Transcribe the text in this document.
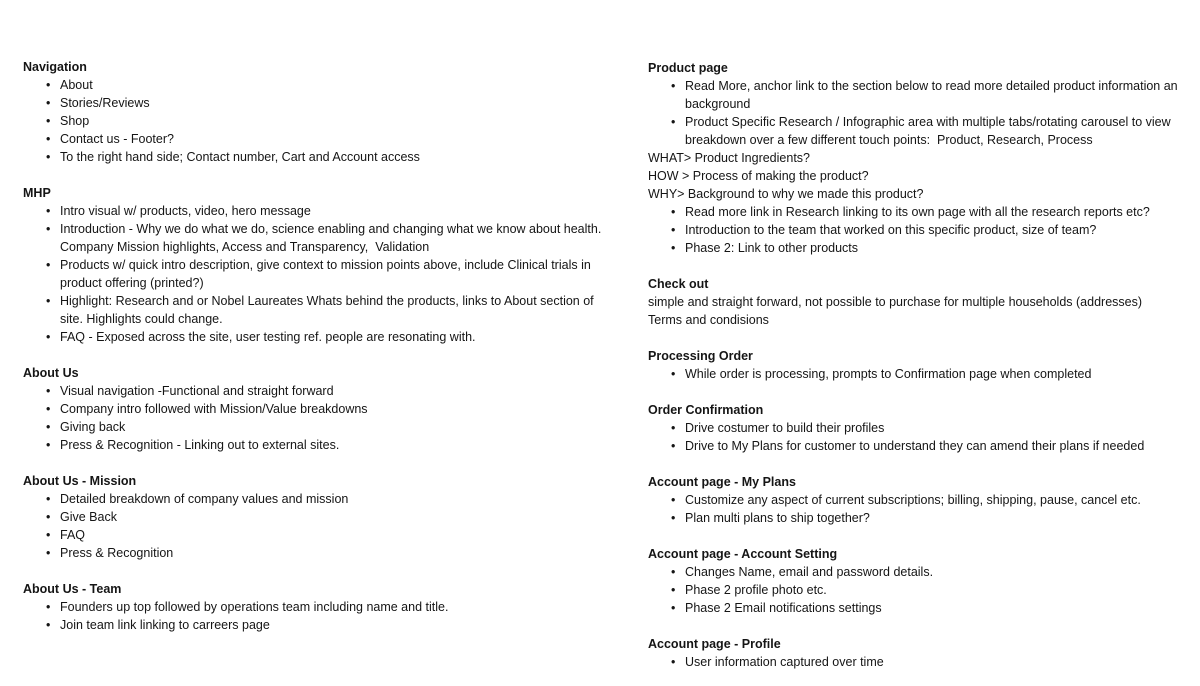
Navigation
• About
• Stories/Reviews
• Shop
• Contact us - Footer?
• To the right hand side; Contact number, Cart and Account access
MHP
• Intro visual w/ products, video, hero message
• Introduction - Why we do what we do, science enabling and changing what we know about health. Company Mission highlights, Access and Transparency,  Validation
• Products w/ quick intro description, give context to mission points above, include Clinical trials in product offering (printed?)
• Highlight: Research and or Nobel Laureates Whats behind the products, links to About section of site. Highlights could change.
• FAQ - Exposed across the site, user testing ref. people are resonating with.
About Us
• Visual navigation -Functional and straight forward
• Company intro followed with Mission/Value breakdowns
• Giving back
• Press & Recognition - Linking out to external sites.
About Us - Mission
• Detailed breakdown of company values and mission
• Give Back
• FAQ
• Press & Recognition
About Us - Team
• Founders up top followed by operations team including name and title.
• Join team link linking to carreers page
Product page
• Read More, anchor link to the section below to read more detailed product information an background
• Product Specific Research / Infographic area with multiple tabs/rotating carousel to view breakdown over a few different touch points:  Product, Research, Process
WHAT> Product Ingredients?
HOW > Process of making the product?
WHY> Background to why we made this product?
• Read more link in Research linking to its own page with all the research reports etc?
• Introduction to the team that worked on this specific product, size of team?
• Phase 2: Link to other products
Check out
simple and straight forward, not possible to purchase for multiple households (addresses)
Terms and condisions
Processing Order
• While order is processing, prompts to Confirmation page when completed
Order Confirmation
• Drive costumer to build their profiles
• Drive to My Plans for customer to understand they can amend their plans if needed
Account page - My Plans
• Customize any aspect of current subscriptions; billing, shipping, pause, cancel etc.
• Plan multi plans to ship together?
Account page - Account Setting
• Changes Name, email and password details.
• Phase 2 profile photo etc.
• Phase 2 Email notifications settings
Account page - Profile
• User information captured over time
